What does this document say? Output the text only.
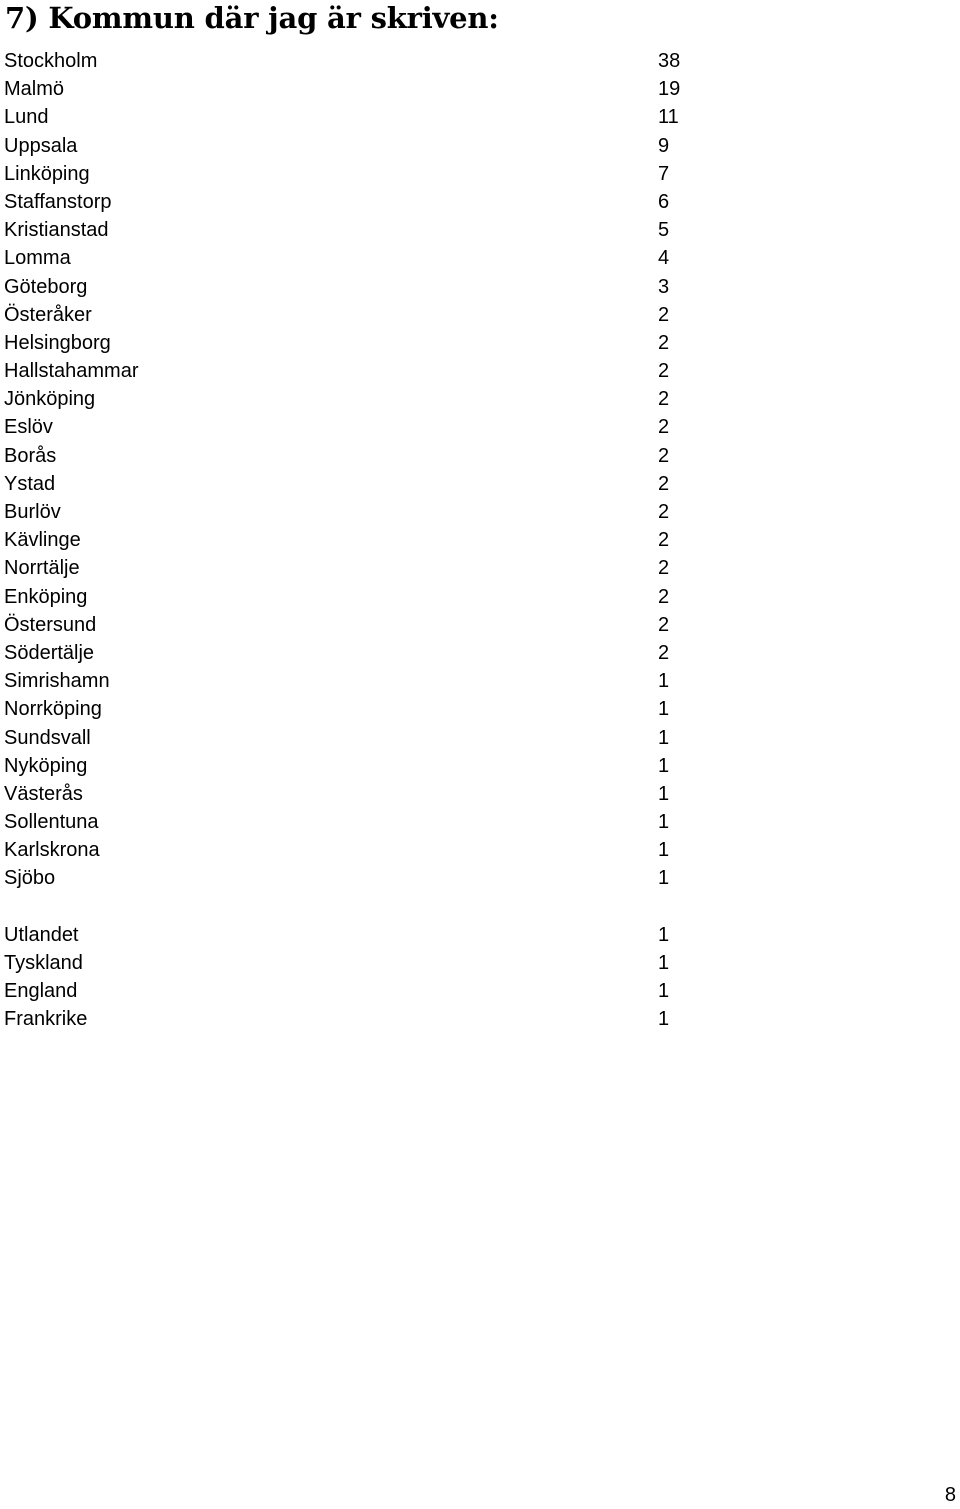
7) Kommun där jag är skriven:
Stockholm	38
Malmö	19
Lund	11
Uppsala	9
Linköping	7
Staffanstorp	6
Kristianstad	5
Lomma	4
Göteborg	3
Österåker	2
Helsingborg	2
Hallstahammar	2
Jönköping	2
Eslöv	2
Borås	2
Ystad	2
Burlöv	2
Kävlinge	2
Norrtälje	2
Enköping	2
Östersund	2
Södertälje	2
Simrishamn	1
Norrköping	1
Sundsvall	1
Nyköping	1
Västerås	1
Sollentuna	1
Karlskrona	1
Sjöbo	1
Utlandet	1
Tyskland	1
England	1
Frankrike	1
8
